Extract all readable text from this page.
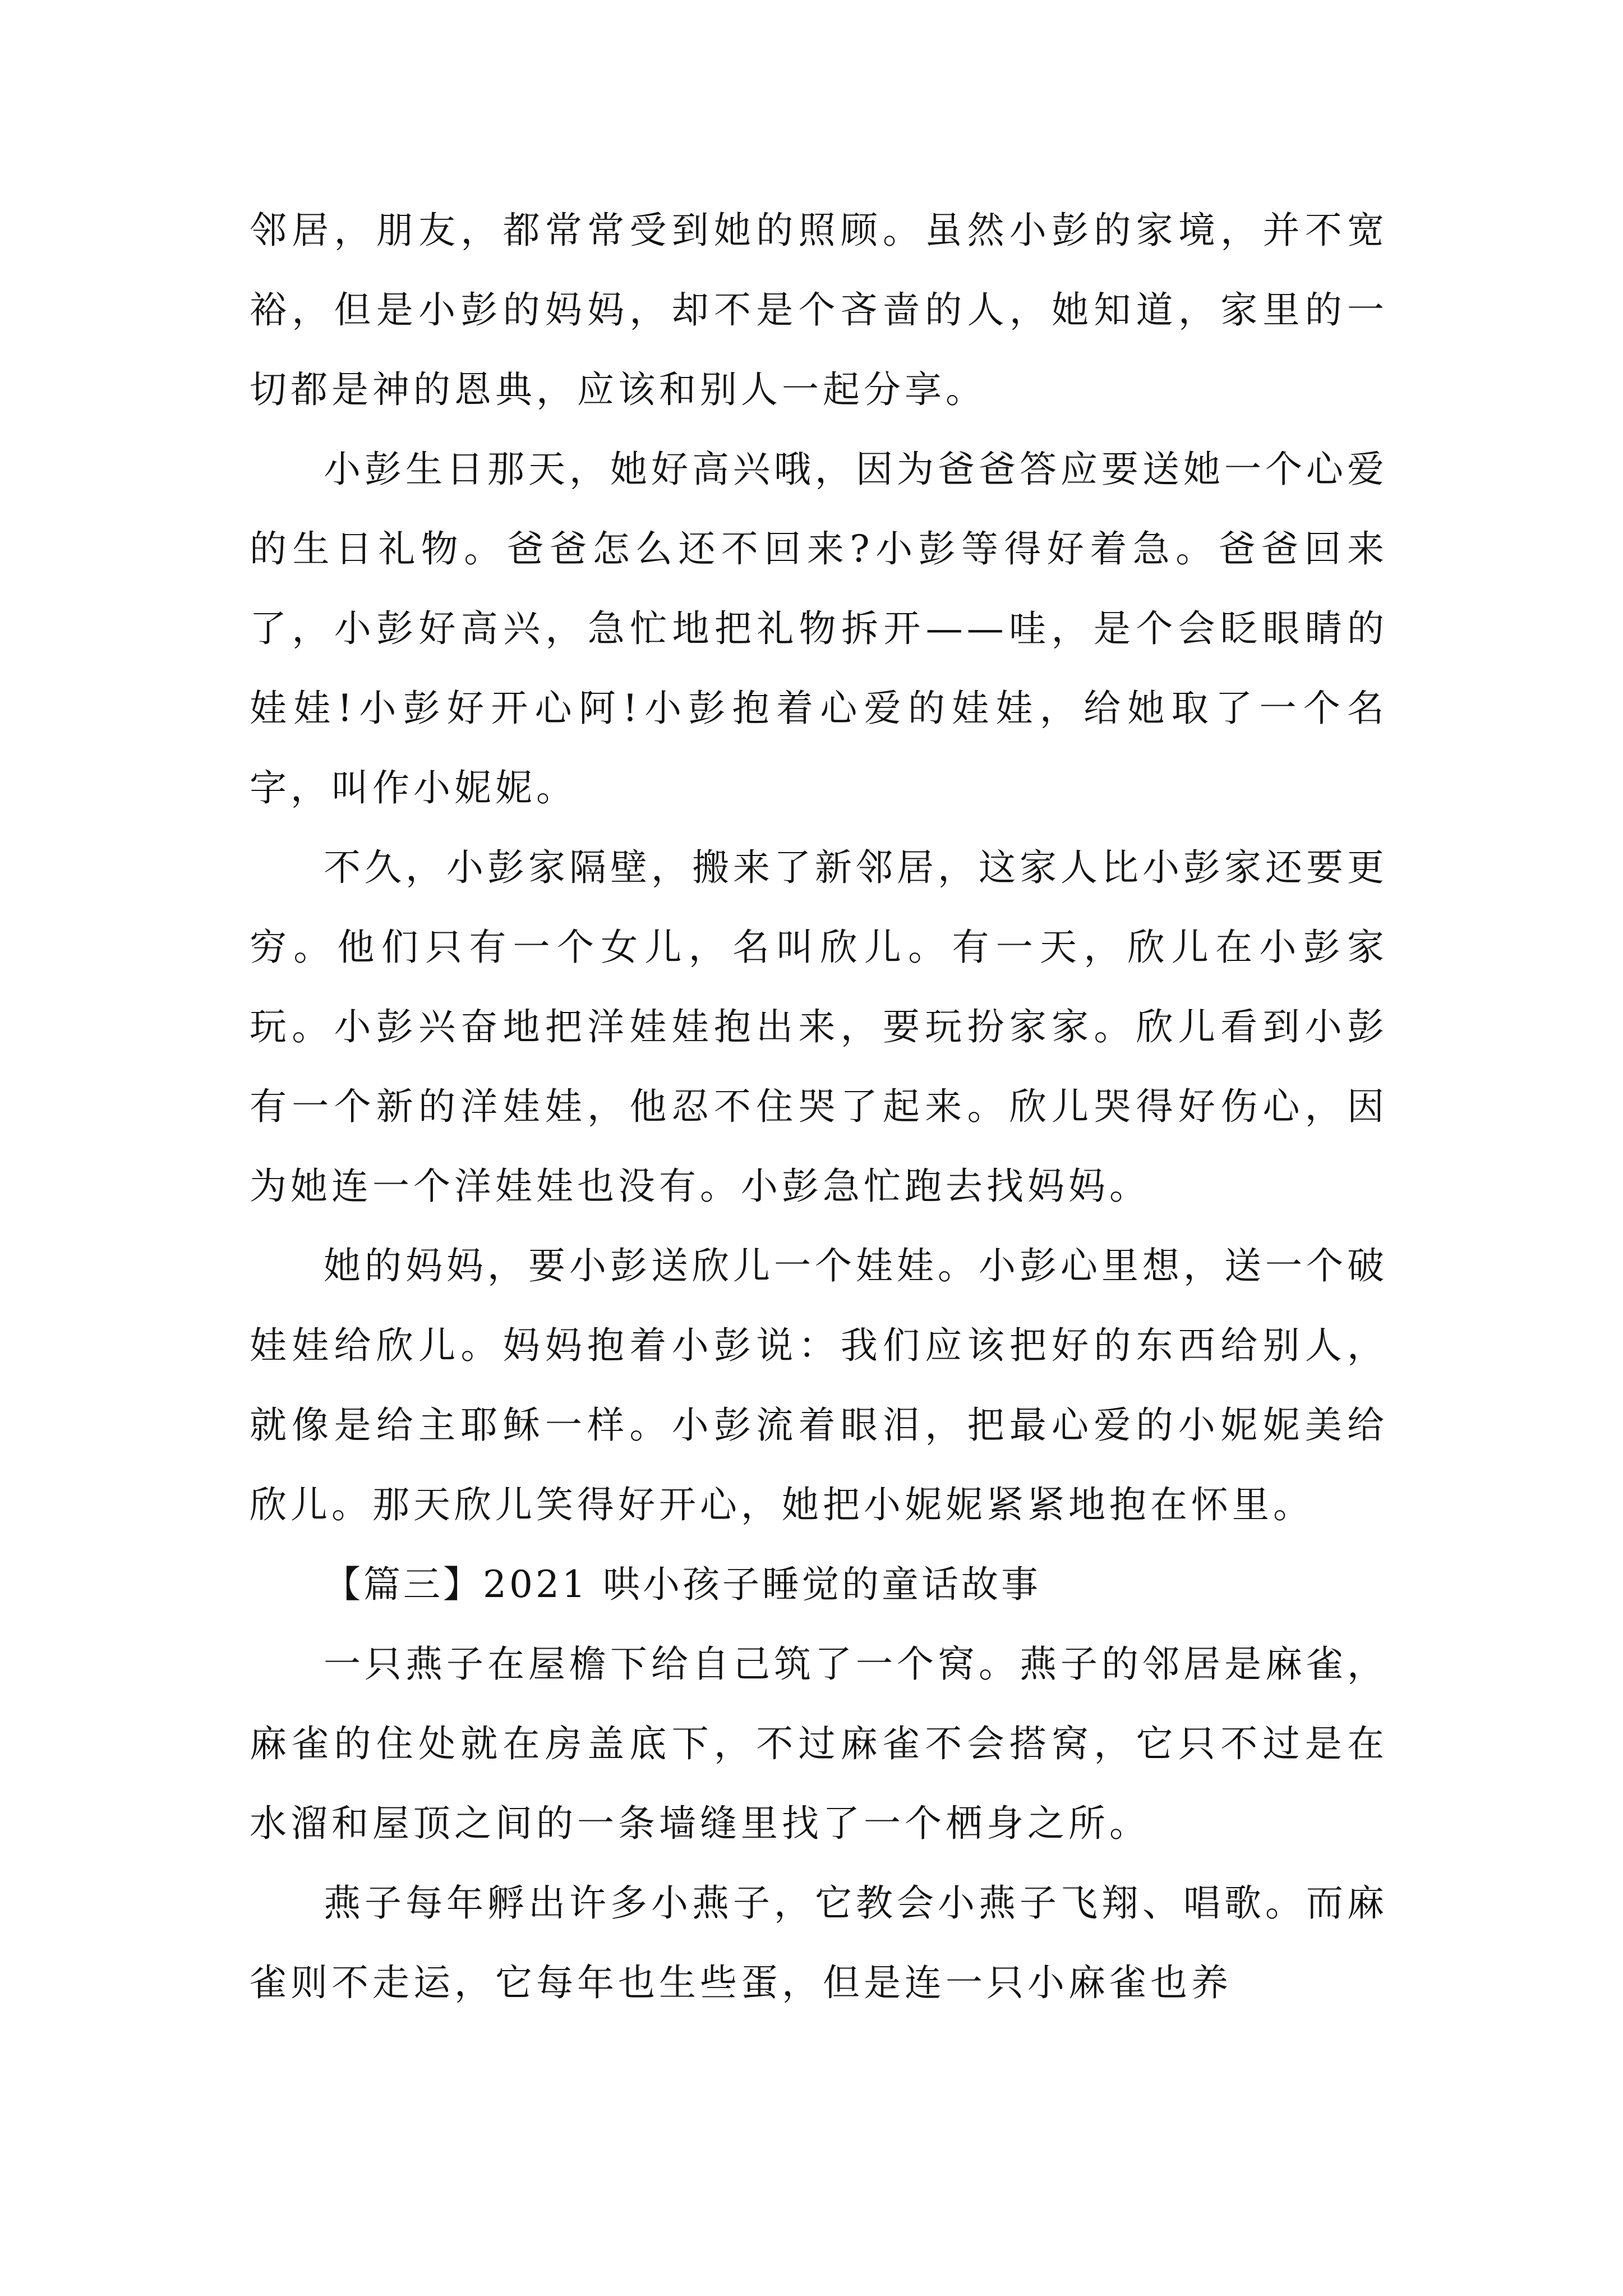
邻居，朋友，都常常受到她的照顾。虽然小彭的家境，并不宽裕，但是小彭的妈妈，却不是个吝啬的人，她知道，家里的一切都是神的恩典，应该和别人一起分享。

小彭生日那天，她好高兴哦，因为爸爸答应要送她一个心爱的生日礼物。爸爸怎么还不回来?小彭等得好着急。爸爸回来了，小彭好高兴，急忙地把礼物拆开——哇，是个会眨眼睛的娃娃!小彭好开心阿!小彭抱着心爱的娃娃，给她取了一个名字，叫作小妮妮。

不久，小彭家隔壁，搬来了新邻居，这家人比小彭家还要更穷。他们只有一个女儿，名叫欣儿。有一天，欣儿在小彭家玩。小彭兴奋地把洋娃娃抱出来，要玩扮家家。欣儿看到小彭有一个新的洋娃娃，他忍不住哭了起来。欣儿哭得好伤心，因为她连一个洋娃娃也没有。小彭急忙跑去找妈妈。

她的妈妈，要小彭送欣儿一个娃娃。小彭心里想，送一个破娃娃给欣儿。妈妈抱着小彭说：我们应该把好的东西给别人，就像是给主耶稣一样。小彭流着眼泪，把最心爱的小妮妮美给欣儿。那天欣儿笑得好开心，她把小妮妮紧紧地抱在怀里。

【篇三】2021 哄小孩子睡觉的童话故事

一只燕子在屋檐下给自己筑了一个窝。燕子的邻居是麻雀，麻雀的住处就在房盖底下，不过麻雀不会搭窝，它只不过是在水溜和屋顶之间的一条墙缝里找了一个栖身之所。

燕子每年孵出许多小燕子，它教会小燕子飞翔、唱歌。而麻雀则不走运，它每年也生些蛋，但是连一只小麻雀也养
